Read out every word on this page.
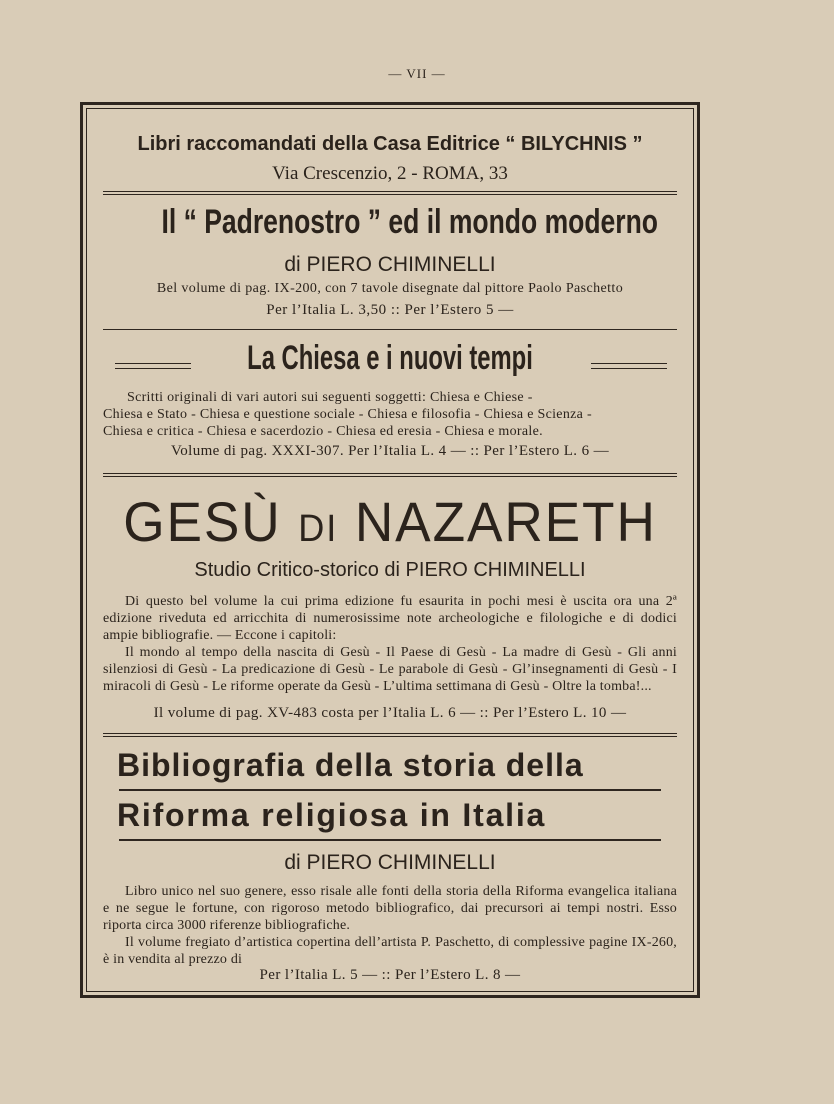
— VII —
Libri raccomandati della Casa Editrice “ BILYCHNIS ”
Via Crescenzio, 2 - ROMA, 33
Il “ Padrenostro ” ed il mondo moderno
di PIERO CHIMINELLI
Bel volume di pag. IX-200, con 7 tavole disegnate dal pittore Paolo Paschetto
Per l’Italia L. 3,50 :: Per l’Estero 5 —
La Chiesa e i nuovi tempi

Scritti originali di vari autori sui seguenti soggetti: Chiesa e Chiese -

Chiesa e Stato - Chiesa e questione sociale - Chiesa e filosofia - Chiesa e Scienza -

Chiesa e critica - Chiesa e sacerdozio - Chiesa ed eresia - Chiesa e morale.

Volume di pag. XXXI-307. Per l’Italia L. 4 — :: Per l’Estero L. 6 —
GESÙ DI NAZARETH
Studio Critico-storico di PIERO CHIMINELLI

Di questo bel volume la cui prima edizione fu esaurita in pochi mesi è uscita ora una 2ª edizione riveduta ed arricchita di numerosissime note archeologiche e filologiche e di dodici ampie bibliografie. — Eccone i capitoli:

Il mondo al tempo della nascita di Gesù - Il Paese di Gesù - La madre di Gesù - Gli anni silenziosi di Gesù - La predicazione di Gesù - Le parabole di Gesù - Gl’insegnamenti di Gesù - I miracoli di Gesù - Le riforme operate da Gesù - L’ultima settimana di Gesù - Oltre la tomba!...

Il volume di pag. XV-483 costa per l’Italia L. 6 — :: Per l’Estero L. 10 —
Bibliografia della storia della
Riforma religiosa in Italia
di PIERO CHIMINELLI

Libro unico nel suo genere, esso risale alle fonti della storia della Riforma evangelica italiana e ne segue le fortune, con rigoroso metodo bibliografico, dai precursori ai tempi nostri. Esso riporta circa 3000 riferenze bibliografiche.

Il volume fregiato d’artistica copertina dell’artista P. Paschetto, di complessive pagine IX-260, è in vendita al prezzo di

Per l’Italia L. 5 — :: Per l’Estero L. 8 —
